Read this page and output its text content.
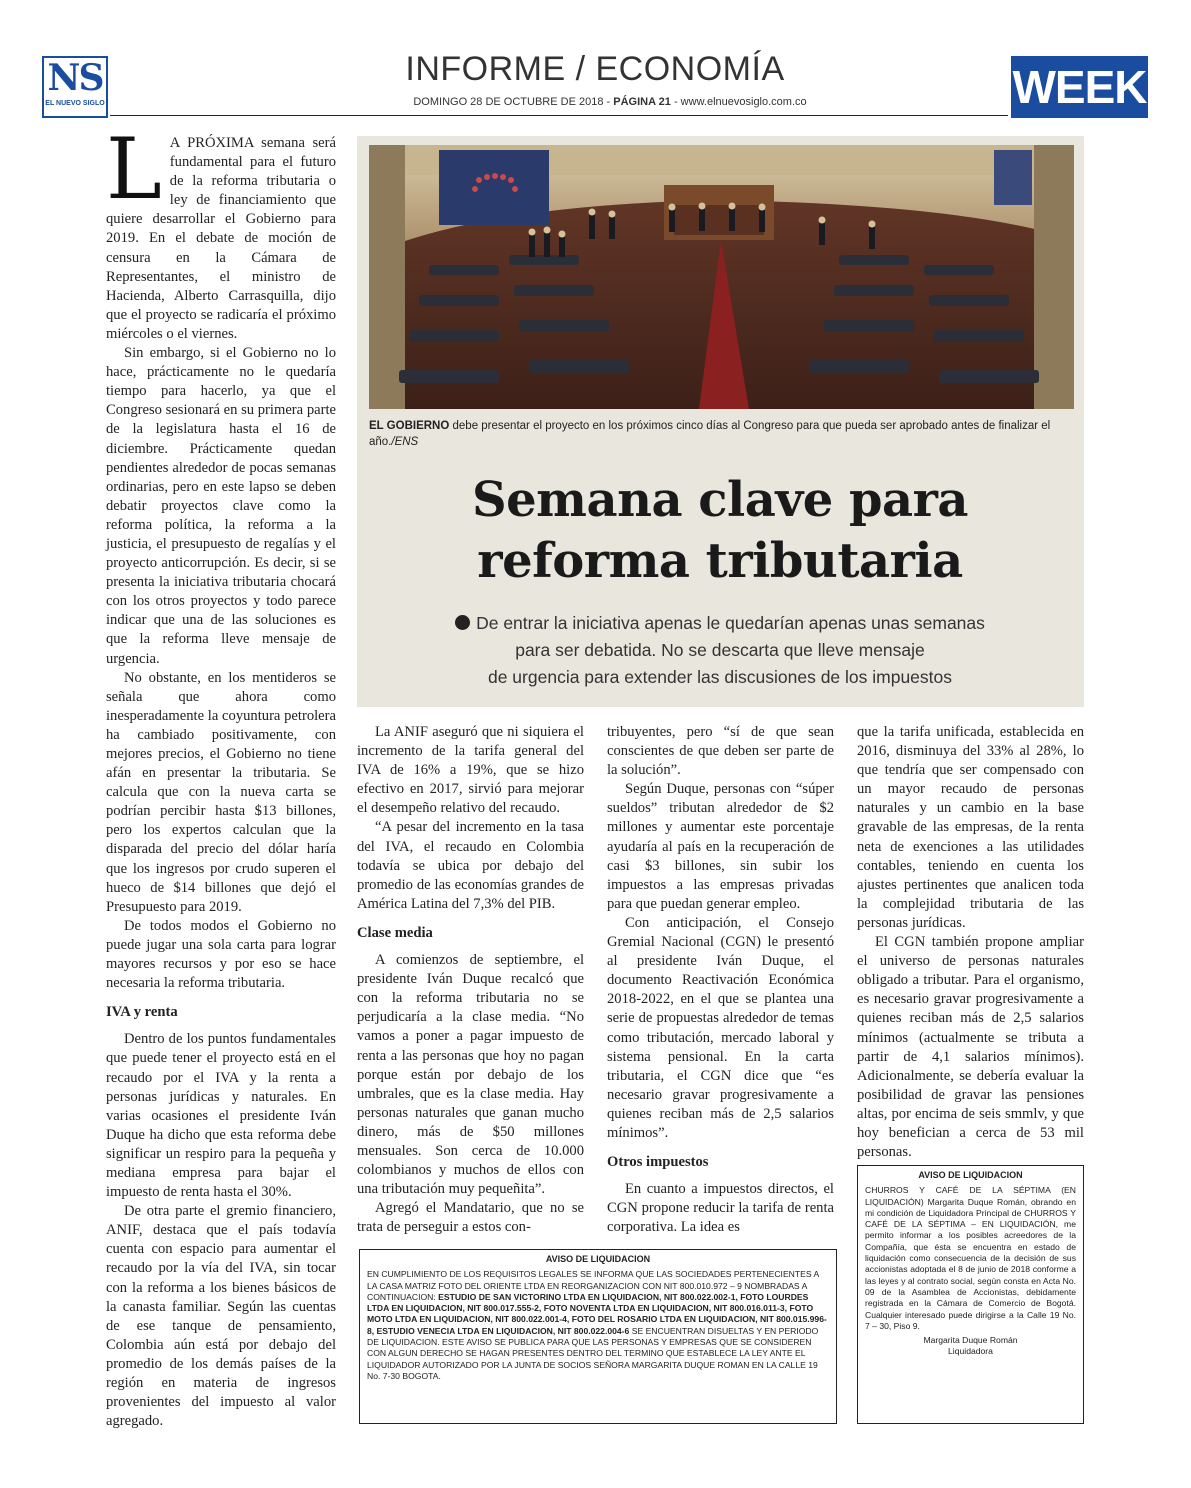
NS
EL NUEVO SIGLO
INFORME / ECONOMÍA
DOMINGO 28 DE OCTUBRE DE 2018 - PÁGINA 21 - www.elnuevosiglo.com.co	WEEK

L A PRÓXIMA semana será fundamental para el futuro de la reforma tributaria o ley de financiamiento que quiere desarrollar el Gobierno para 2019. En el debate de moción de censura en la Cámara de Representantes, el ministro de Hacienda, Alberto Carrasquilla, dijo que el proyecto se radicaría el próximo miércoles o el viernes.

Sin embargo, si el Gobierno no lo hace, prácticamente no le quedaría tiempo para hacerlo, ya que el Congreso sesionará en su primera parte de la legislatura hasta el 16 de diciembre. Prácticamente quedan pendientes alrededor de pocas semanas ordinarias, pero en este lapso se deben debatir proyectos clave como la reforma política, la reforma a la justicia, el presupuesto de regalías y el proyecto anticorrupción. Es decir, si se presenta la iniciativa tributaria chocará con los otros proyectos y todo parece indicar que una de las soluciones es que la reforma lleve mensaje de urgencia.

No obstante, en los mentideros se señala que ahora como inesperadamente la coyuntura petrolera ha cambiado positivamente, con mejores precios, el Gobierno no tiene afán en presentar la tributaria. Se calcula que con la nueva carta se podrían percibir hasta $13 billones, pero los expertos calculan que la disparada del precio del dólar haría que los ingresos por crudo superen el hueco de $14 billones que dejó el Presupuesto para 2019.

De todos modos el Gobierno no puede jugar una sola carta para lograr mayores recursos y por eso se hace necesaria la reforma tributaria.

IVA y renta

Dentro de los puntos fundamentales que puede tener el proyecto está en el recaudo por el IVA y la renta a personas jurídicas y naturales. En varias ocasiones el presidente Iván Duque ha dicho que esta reforma debe significar un respiro para la pequeña y mediana empresa para bajar el impuesto de renta hasta el 30%.

De otra parte el gremio financiero, ANIF, destaca que el país todavía cuenta con espacio para aumentar el recaudo por la vía del IVA, sin tocar con la reforma a los bienes básicos de la canasta familiar. Según las cuentas de ese tanque de pensamiento, Colombia aún está por debajo del promedio de los demás países de la región en materia de ingresos provenientes del impuesto al valor agregado.

EL GOBIERNO debe presentar el proyecto en los próximos cinco días al Congreso para que pueda ser aprobado antes de finalizar el año./ENS
Semana clave para
reforma tributaria
De entrar la iniciativa apenas le quedarían apenas unas semanas
para ser debatida. No se descarta que lleve mensaje
de urgencia para extender las discusiones de los impuestos

La ANIF aseguró que ni siquiera el incremento de la tarifa general del IVA de 16% a 19%, que se hizo efectivo en 2017, sirvió para mejorar el desempeño relativo del recaudo.

“A pesar del incremento en la tasa del IVA, el recaudo en Colombia todavía se ubica por debajo del promedio de las economías grandes de América Latina del 7,3% del PIB.

Clase media

A comienzos de septiembre, el presidente Iván Duque recalcó que con la reforma tributaria no se perjudicaría a la clase media. “No vamos a poner a pagar impuesto de renta a las personas que hoy no pagan porque están por debajo de los umbrales, que es la clase media. Hay personas naturales que ganan mucho dinero, más de $50 millones mensuales. Son cerca de 10.000 colombianos y muchos de ellos con una tributación muy pequeñita”.

Agregó el Mandatario, que no se trata de perseguir a estos con-

tribuyentes, pero “sí de que sean conscientes de que deben ser parte de la solución”.

Según Duque, personas con “súper sueldos” tributan alrededor de $2 millones y aumentar este porcentaje ayudaría al país en la recuperación de casi $3 billones, sin subir los impuestos a las empresas privadas para que puedan generar empleo.

Con anticipación, el Consejo Gremial Nacional (CGN) le presentó al presidente Iván Duque, el documento Reactivación Económica 2018-2022, en el que se plantea una serie de propuestas alrededor de temas como tributación, mercado laboral y sistema pensional. En la carta tributaria, el CGN dice que “es necesario gravar progresivamente a quienes reciban más de 2,5 salarios mínimos”.

Otros impuestos

En cuanto a impuestos directos, el CGN propone reducir la tarifa de renta corporativa. La idea es

que la tarifa unificada, establecida en 2016, disminuya del 33% al 28%, lo que tendría que ser compensado con un mayor recaudo de personas naturales y un cambio en la base gravable de las empresas, de la renta neta de exenciones a las utilidades contables, teniendo en cuenta los ajustes pertinentes que analicen toda la complejidad tributaria de las personas jurídicas.

El CGN también propone ampliar el universo de personas naturales obligado a tributar. Para el organismo, es necesario gravar progresivamente a quienes reciban más de 2,5 salarios mínimos (actualmente se tributa a partir de 4,1 salarios mínimos). Adicionalmente, se debería evaluar la posibilidad de gravar las pensiones altas, por encima de seis smmlv, y que hoy benefician a cerca de 53 mil personas.

AVISO DE LIQUIDACION
EN CUMPLIMIENTO DE LOS REQUISITOS LEGALES SE INFORMA QUE LAS SOCIEDADES PERTENECIENTES A LA CASA MATRIZ FOTO DEL ORIENTE LTDA EN REORGANIZACION CON NIT 800.010.972 – 9 NOMBRADAS A CONTINUACION: ESTUDIO DE SAN VICTORINO LTDA EN LIQUIDACION, NIT 800.022.002-1, FOTO LOURDES LTDA EN LIQUIDACION, NIT 800.017.555-2, FOTO NOVENTA LTDA EN LIQUIDACION, NIT 800.016.011-3, FOTO MOTO LTDA EN LIQUIDACION, NIT 800.022.001-4, FOTO DEL ROSARIO LTDA EN LIQUIDACION, NIT 800.015.996-8, ESTUDIO VENECIA LTDA EN LIQUIDACION, NIT 800.022.004-6 SE ENCUENTRAN DISUELTAS Y EN PERIODO DE LIQUIDACION. ESTE AVISO SE PUBLICA PARA QUE LAS PERSONAS Y EMPRESAS QUE SE CONSIDEREN CON ALGUN DERECHO SE HAGAN PRESENTES DENTRO DEL TERMINO QUE ESTABLECE LA LEY ANTE EL LIQUIDADOR AUTORIZADO POR LA JUNTA DE SOCIOS SEÑORA MARGARITA DUQUE ROMAN EN LA CALLE 19 No. 7-30 BOGOTA.
AVISO DE LIQUIDACION
CHURROS Y CAFÉ DE LA SÉPTIMA (EN LIQUIDACIÓN) Margarita Duque Román, obrando en mi condición de Liquidadora Principal de CHURROS Y CAFÉ DE LA SÉPTIMA – EN LIQUIDACIÓN, me permito informar a los posibles acreedores de la Compañía, que ésta se encuentra en estado de liquidación como consecuencia de la decisión de sus accionistas adoptada el 8 de junio de 2018 conforme a las leyes y al contrato social, según consta en Acta No. 09 de la Asamblea de Accionistas, debidamente registrada en la Cámara de Comercio de Bogotá. Cualquier interesado puede dirigirse a la Calle 19 No. 7 – 30, Piso 9.
Margarita Duque Román
Liquidadora
